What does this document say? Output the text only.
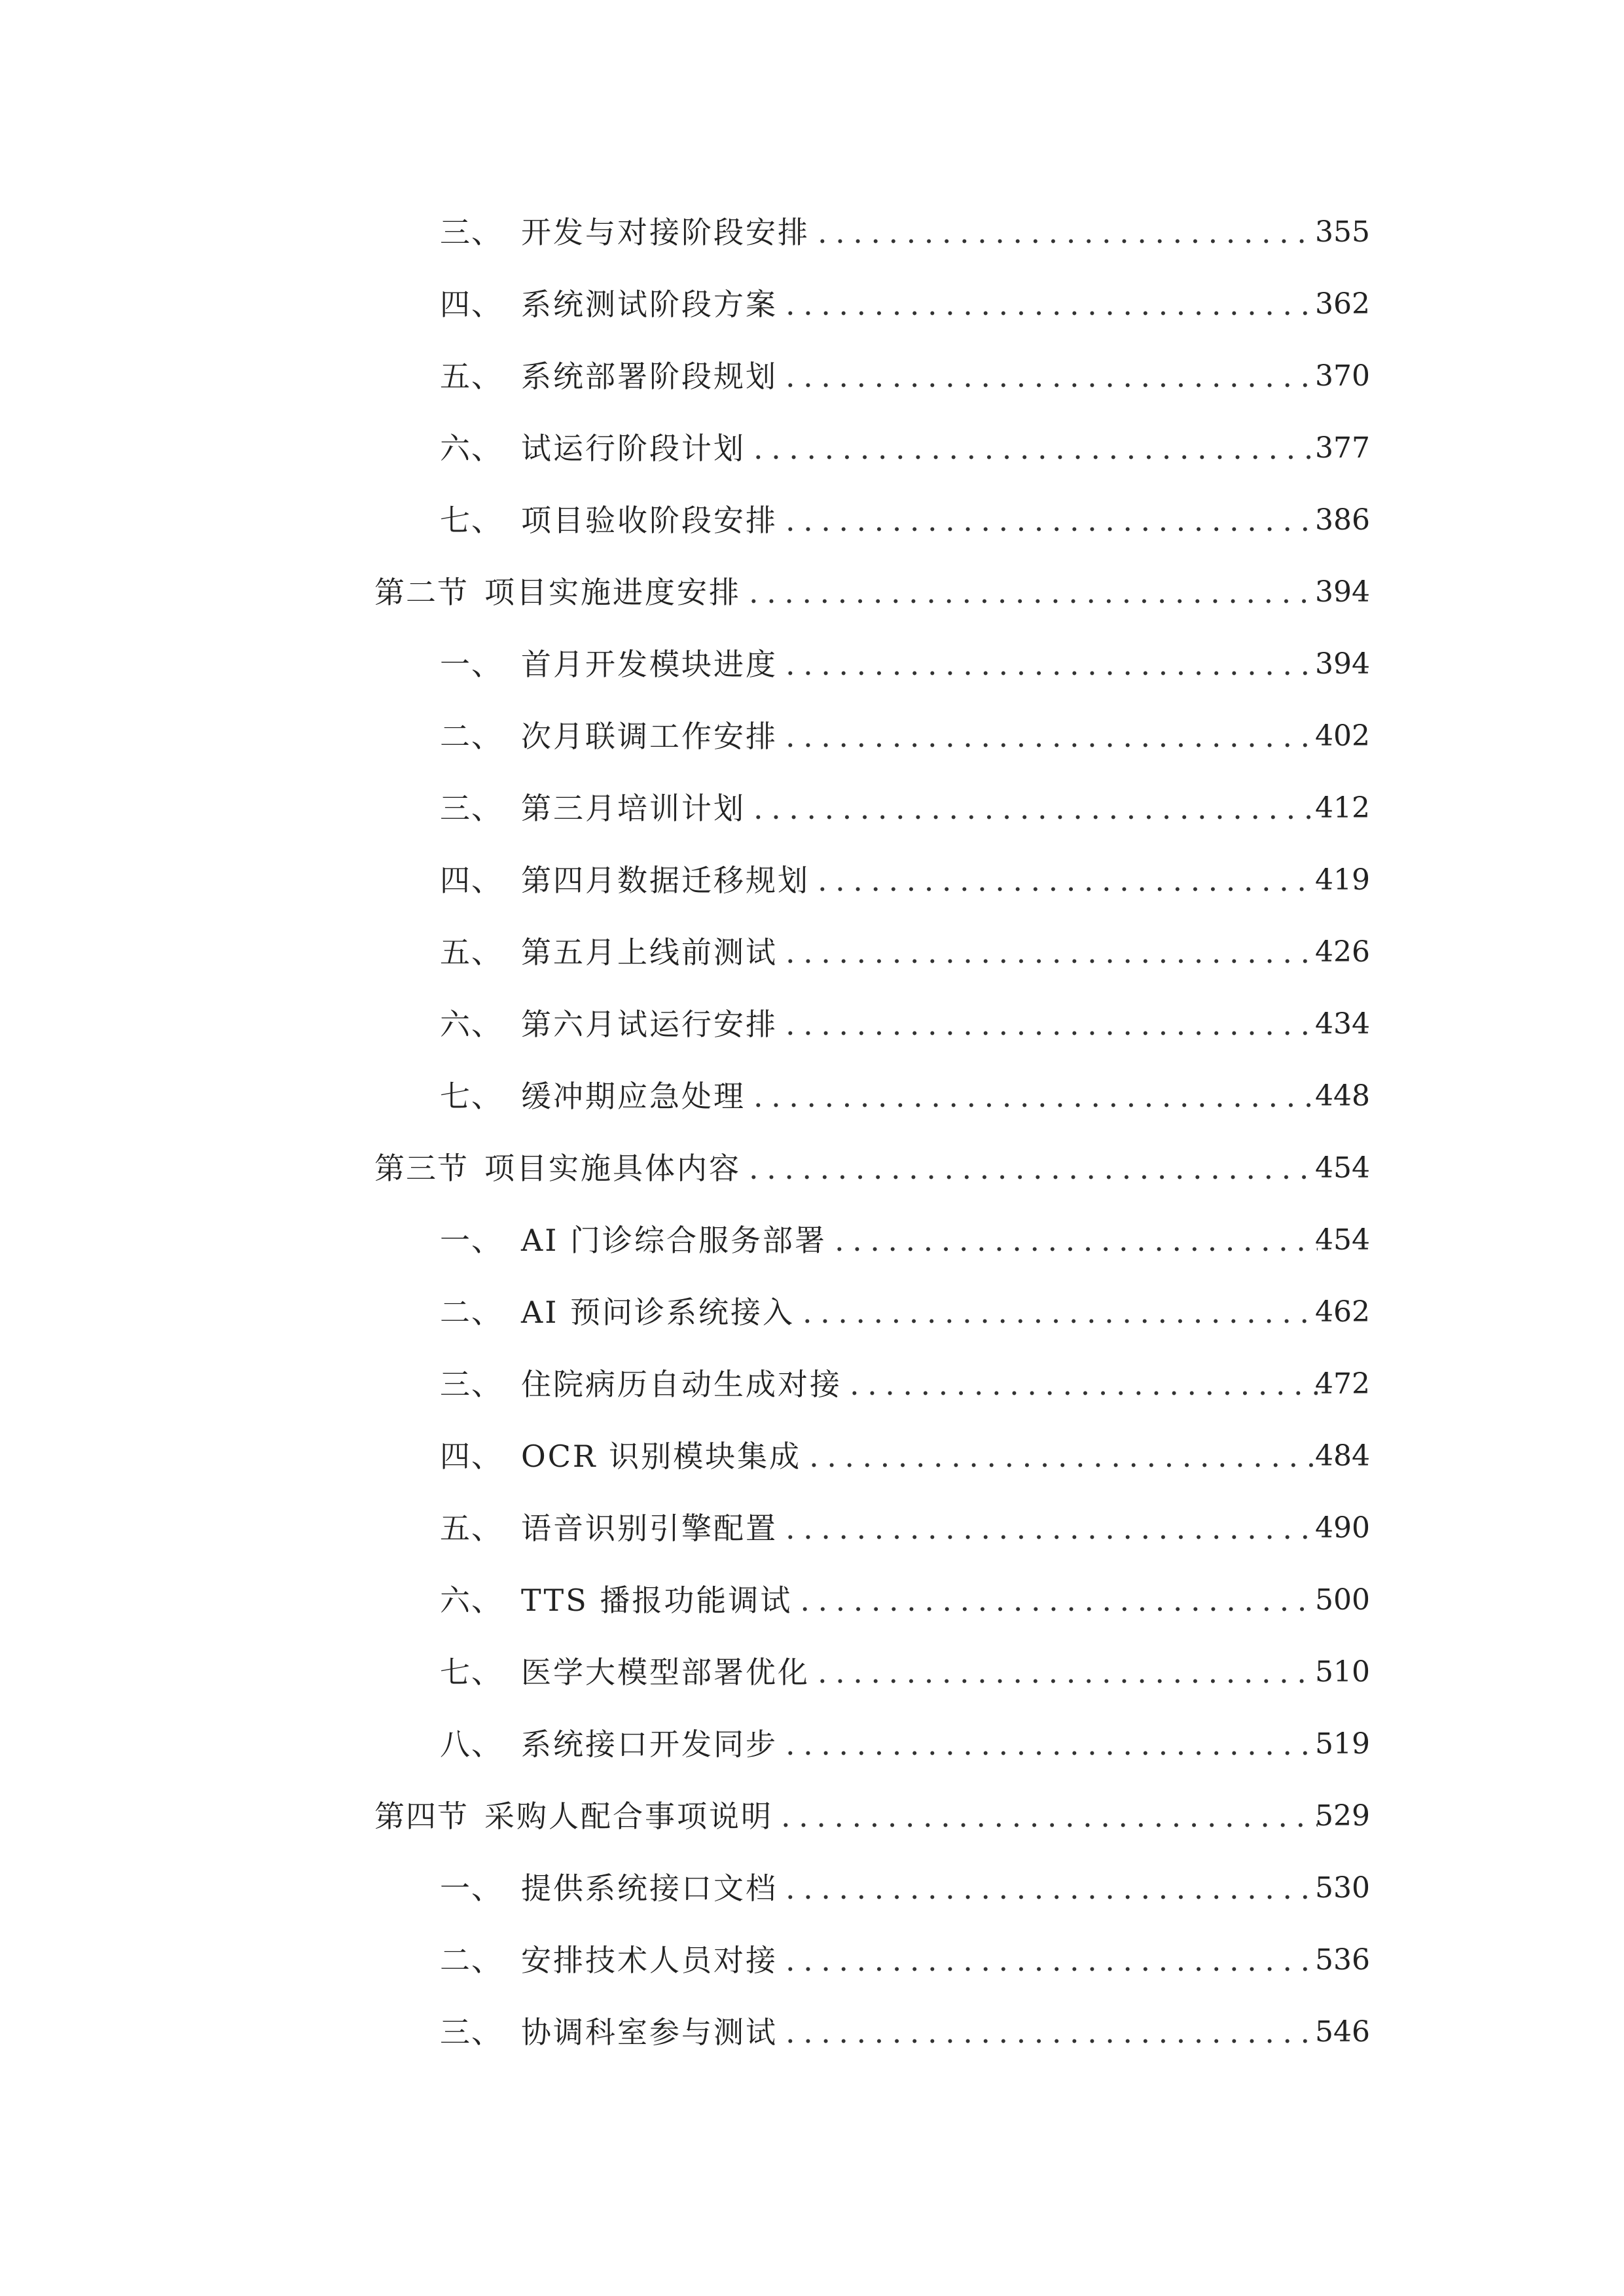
三、 开发与对接阶段安排 .....	355
四、 系统测试阶段方案 .....	362
五、 系统部署阶段规划 .....	370
六、 试运行阶段计划 .....	377
七、 项目验收阶段安排 .....	386
第二节 项目实施进度安排 .....	394
一、 首月开发模块进度 .....	394
二、 次月联调工作安排 .....	402
三、 第三月培训计划 .....	412
四、 第四月数据迁移规划 .....	419
五、 第五月上线前测试 .....	426
六、 第六月试运行安排 .....	434
七、 缓冲期应急处理 .....	448
第三节 项目实施具体内容 .....	454
一、 AI 门诊综合服务部署 .....	454
二、 AI 预问诊系统接入 .....	462
三、 住院病历自动生成对接 .....	472
四、 OCR 识别模块集成 .....	484
五、 语音识别引擎配置 .....	490
六、 TTS 播报功能调试 .....	500
七、 医学大模型部署优化 .....	510
八、 系统接口开发同步 .....	519
第四节 采购人配合事项说明 .....	529
一、 提供系统接口文档 .....	530
二、 安排技术人员对接 .....	536
三、 协调科室参与测试 .....	546
